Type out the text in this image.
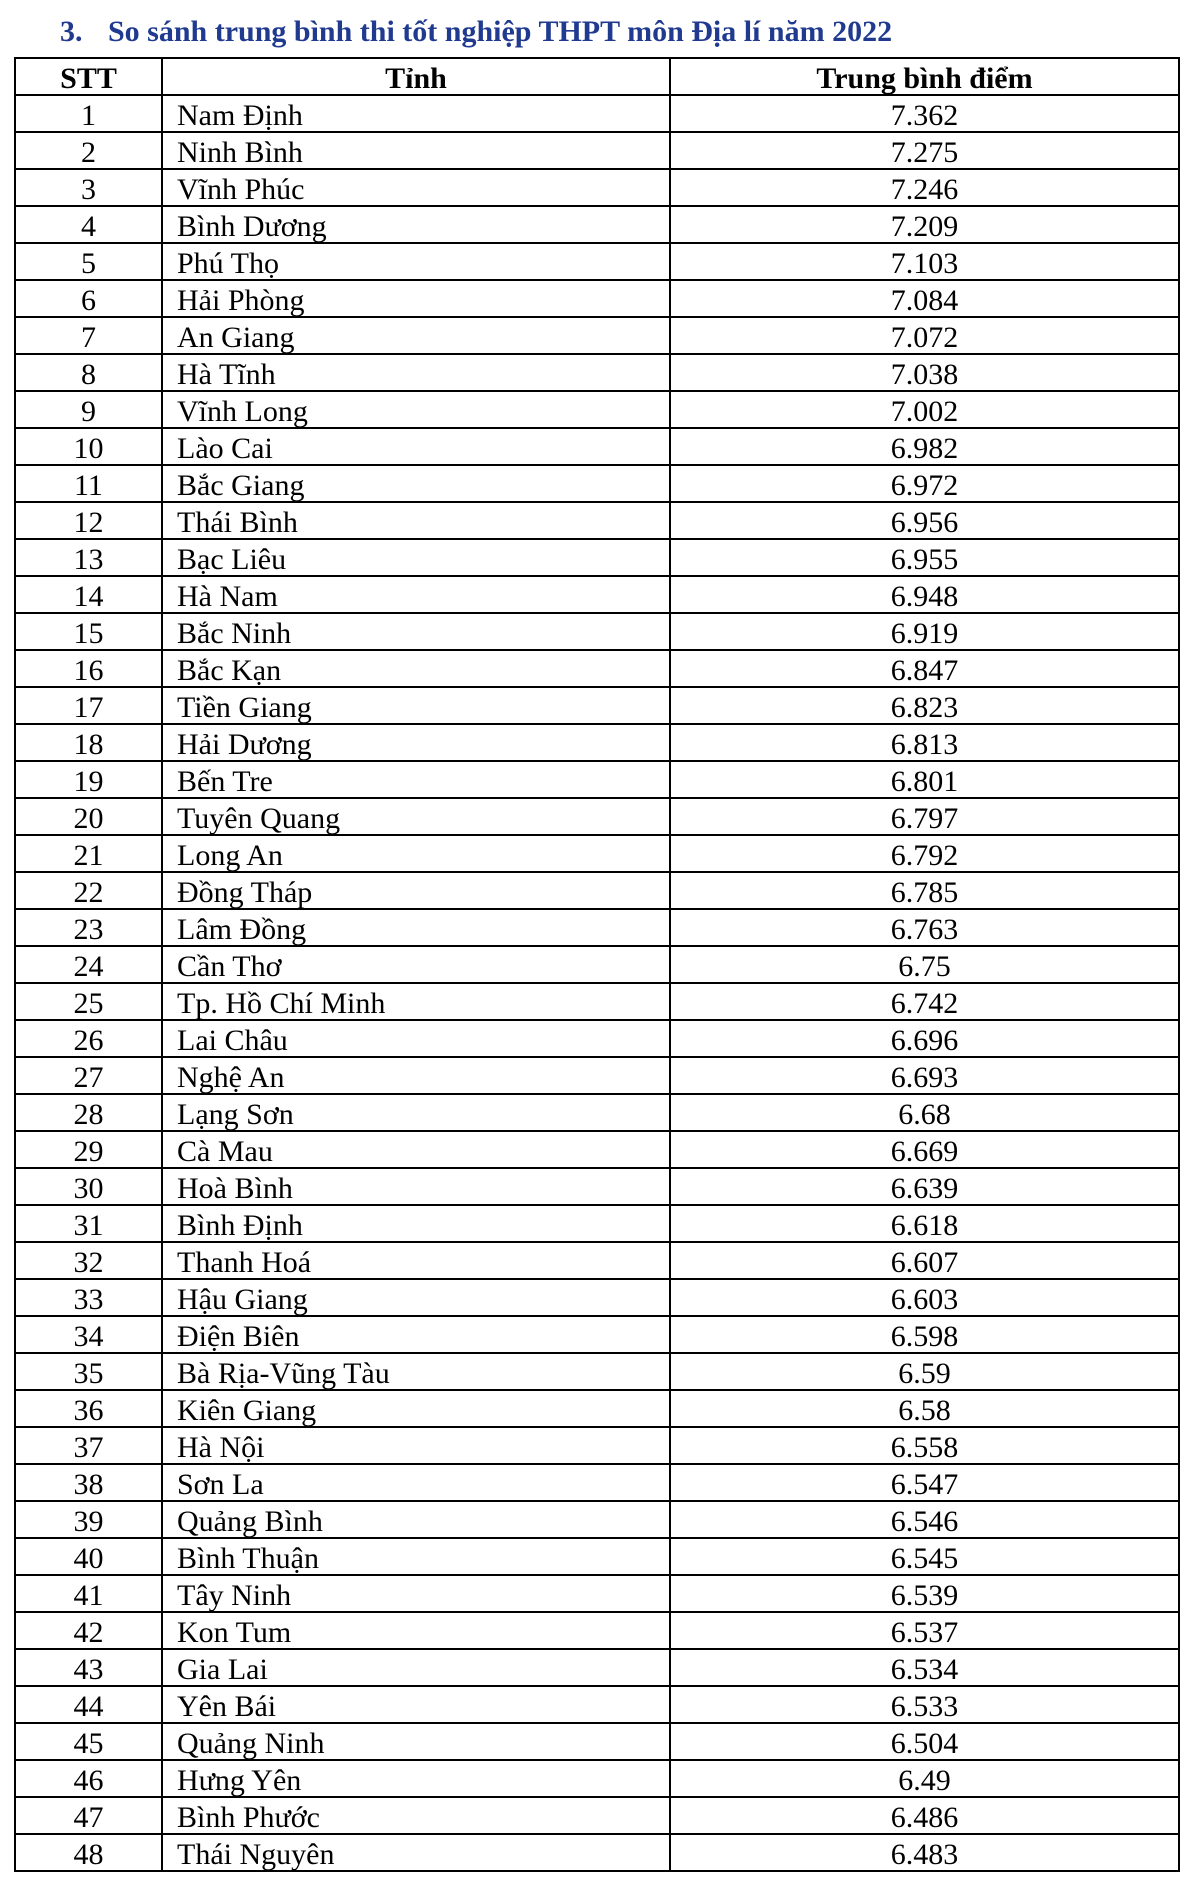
3. So sánh trung bình thi tốt nghiệp THPT môn Địa lí năm 2022
STT	Tỉnh	Trung bình điểm
1	Nam Định	7.362
2	Ninh Bình	7.275
3	Vĩnh Phúc	7.246
4	Bình Dương	7.209
5	Phú Thọ	7.103
6	Hải Phòng	7.084
7	An Giang	7.072
8	Hà Tĩnh	7.038
9	Vĩnh Long	7.002
10	Lào Cai	6.982
11	Bắc Giang	6.972
12	Thái Bình	6.956
13	Bạc Liêu	6.955
14	Hà Nam	6.948
15	Bắc Ninh	6.919
16	Bắc Kạn	6.847
17	Tiền Giang	6.823
18	Hải Dương	6.813
19	Bến Tre	6.801
20	Tuyên Quang	6.797
21	Long An	6.792
22	Đồng Tháp	6.785
23	Lâm Đồng	6.763
24	Cần Thơ	6.75
25	Tp. Hồ Chí Minh	6.742
26	Lai Châu	6.696
27	Nghệ An	6.693
28	Lạng Sơn	6.68
29	Cà Mau	6.669
30	Hoà Bình	6.639
31	Bình Định	6.618
32	Thanh Hoá	6.607
33	Hậu Giang	6.603
34	Điện Biên	6.598
35	Bà Rịa-Vũng Tàu	6.59
36	Kiên Giang	6.58
37	Hà Nội	6.558
38	Sơn La	6.547
39	Quảng Bình	6.546
40	Bình Thuận	6.545
41	Tây Ninh	6.539
42	Kon Tum	6.537
43	Gia Lai	6.534
44	Yên Bái	6.533
45	Quảng Ninh	6.504
46	Hưng Yên	6.49
47	Bình Phước	6.486
48	Thái Nguyên	6.483
